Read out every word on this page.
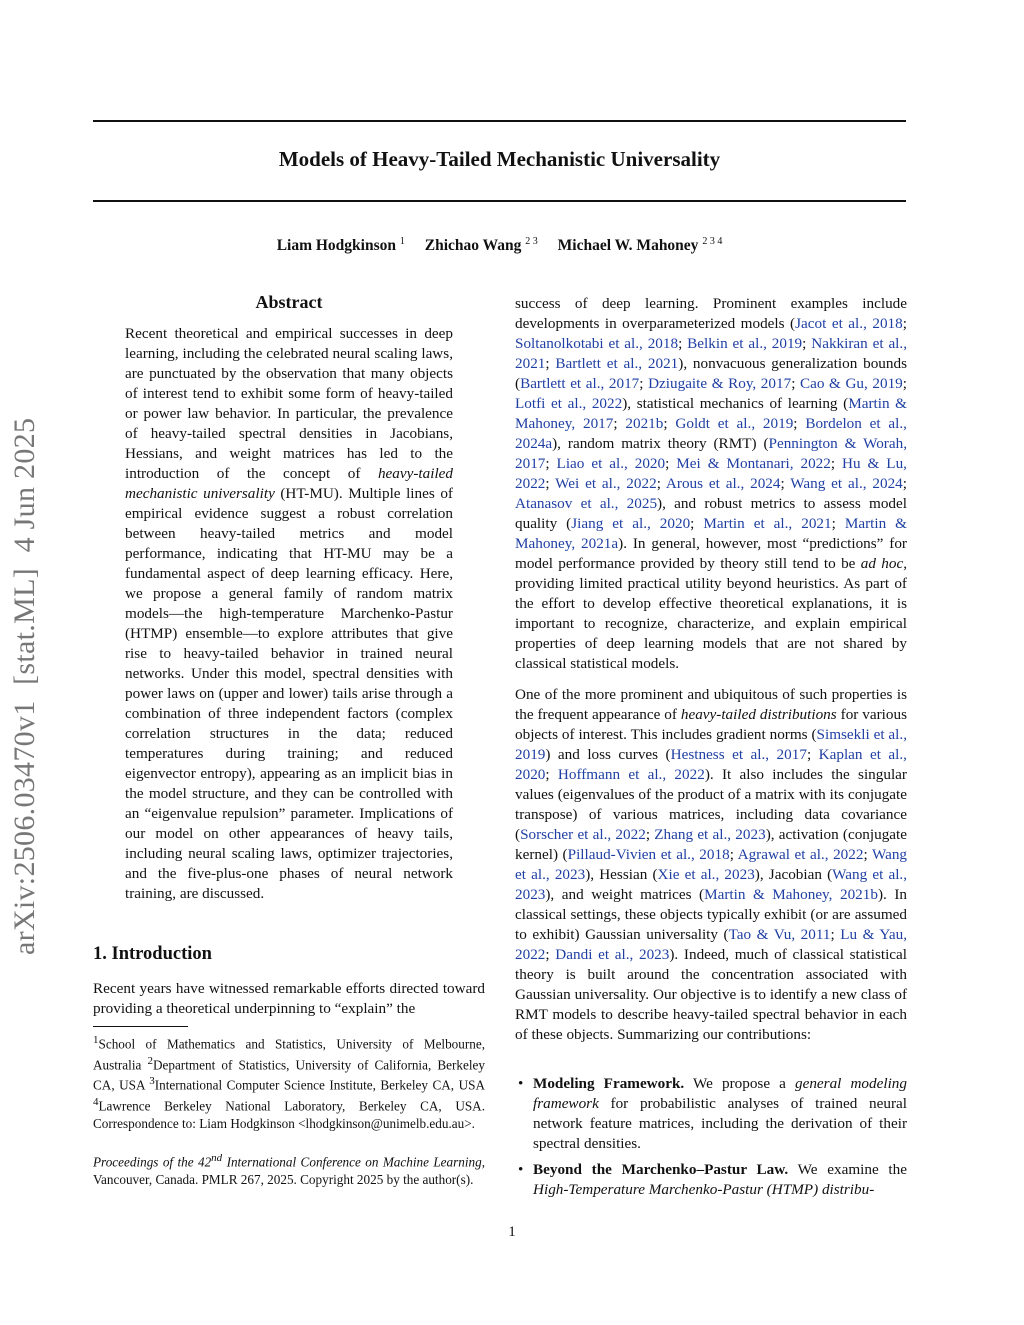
Models of Heavy-Tailed Mechanistic Universality
Liam Hodgkinson $^1$ Zhichao Wang $^{2 3}$ Michael W. Mahoney $^{2 3 4}$
arXiv:2506.03470v1  [stat.ML]  4 Jun 2025
Abstract
Recent theoretical and empirical successes in deep learning, including the celebrated neural scaling laws, are punctuated by the observation that many objects of interest tend to exhibit some form of heavy-tailed or power law behavior. In particular, the prevalence of heavy-tailed spectral densities in Jacobians, Hessians, and weight matrices has led to the introduction of the concept of heavy-tailed mechanistic universality (HT-MU). Multiple lines of empirical evidence suggest a robust correlation between heavy-tailed metrics and model performance, indicating that HT-MU may be a fundamental aspect of deep learning efficacy. Here, we propose a general family of random matrix models—the high-temperature Marchenko-Pastur (HTMP) ensemble—to explore attributes that give rise to heavy-tailed behavior in trained neural networks. Under this model, spectral densities with power laws on (upper and lower) tails arise through a combination of three independent factors (complex correlation structures in the data; reduced temperatures during training; and reduced eigenvector entropy), appearing as an implicit bias in the model structure, and they can be controlled with an “eigenvalue repulsion” parameter. Implications of our model on other appearances of heavy tails, including neural scaling laws, optimizer trajectories, and the five-plus-one phases of neural network training, are discussed.
1. Introduction
Recent years have witnessed remarkable efforts directed toward providing a theoretical underpinning to “explain” the
$^1$School of Mathematics and Statistics, University of Melbourne, Australia $^2$Department of Statistics, University of California, Berkeley CA, USA $^3$International Computer Science Institute, Berkeley CA, USA $^4$Lawrence Berkeley National Laboratory, Berkeley CA, USA. Correspondence to: Liam Hodgkinson <lhodgkinson@unimelb.edu.au>.
Proceedings of the 42nd International Conference on Machine Learning, Vancouver, Canada. PMLR 267, 2025. Copyright 2025 by the author(s).
success of deep learning. Prominent examples include developments in overparameterized models (Jacot et al., 2018; Soltanolkotabi et al., 2018; Belkin et al., 2019; Nakkiran et al., 2021; Bartlett et al., 2021), nonvacuous generalization bounds (Bartlett et al., 2017; Dziugaite & Roy, 2017; Cao & Gu, 2019; Lotfi et al., 2022), statistical mechanics of learning (Martin & Mahoney, 2017; 2021b; Goldt et al., 2019; Bordelon et al., 2024a), random matrix theory (RMT) (Pennington & Worah, 2017; Liao et al., 2020; Mei & Montanari, 2022; Hu & Lu, 2022; Wei et al., 2022; Arous et al., 2024; Wang et al., 2024; Atanasov et al., 2025), and robust metrics to assess model quality (Jiang et al., 2020; Martin et al., 2021; Martin & Mahoney, 2021a). In general, however, most “predictions” for model performance provided by theory still tend to be ad hoc, providing limited practical utility beyond heuristics. As part of the effort to develop effective theoretical explanations, it is important to recognize, characterize, and explain empirical properties of deep learning models that are not shared by classical statistical models.
One of the more prominent and ubiquitous of such properties is the frequent appearance of heavy-tailed distributions for various objects of interest. This includes gradient norms (Simsekli et al., 2019) and loss curves (Hestness et al., 2017; Kaplan et al., 2020; Hoffmann et al., 2022). It also includes the singular values (eigenvalues of the product of a matrix with its conjugate transpose) of various matrices, including data covariance (Sorscher et al., 2022; Zhang et al., 2023), activation (conjugate kernel) (Pillaud-Vivien et al., 2018; Agrawal et al., 2022; Wang et al., 2023), Hessian (Xie et al., 2023), Jacobian (Wang et al., 2023), and weight matrices (Martin & Mahoney, 2021b). In classical settings, these objects typically exhibit (or are assumed to exhibit) Gaussian universality (Tao & Vu, 2011; Lu & Yau, 2022; Dandi et al., 2023). Indeed, much of classical statistical theory is built around the concentration associated with Gaussian universality. Our objective is to identify a new class of RMT models to describe heavy-tailed spectral behavior in each of these objects. Summarizing our contributions:
• Modeling Framework. We propose a general modeling framework for probabilistic analyses of trained neural network feature matrices, including the derivation of their spectral densities.
• Beyond the Marchenko–Pastur Law. We examine the High-Temperature Marchenko-Pastur (HTMP) distribu-
1
